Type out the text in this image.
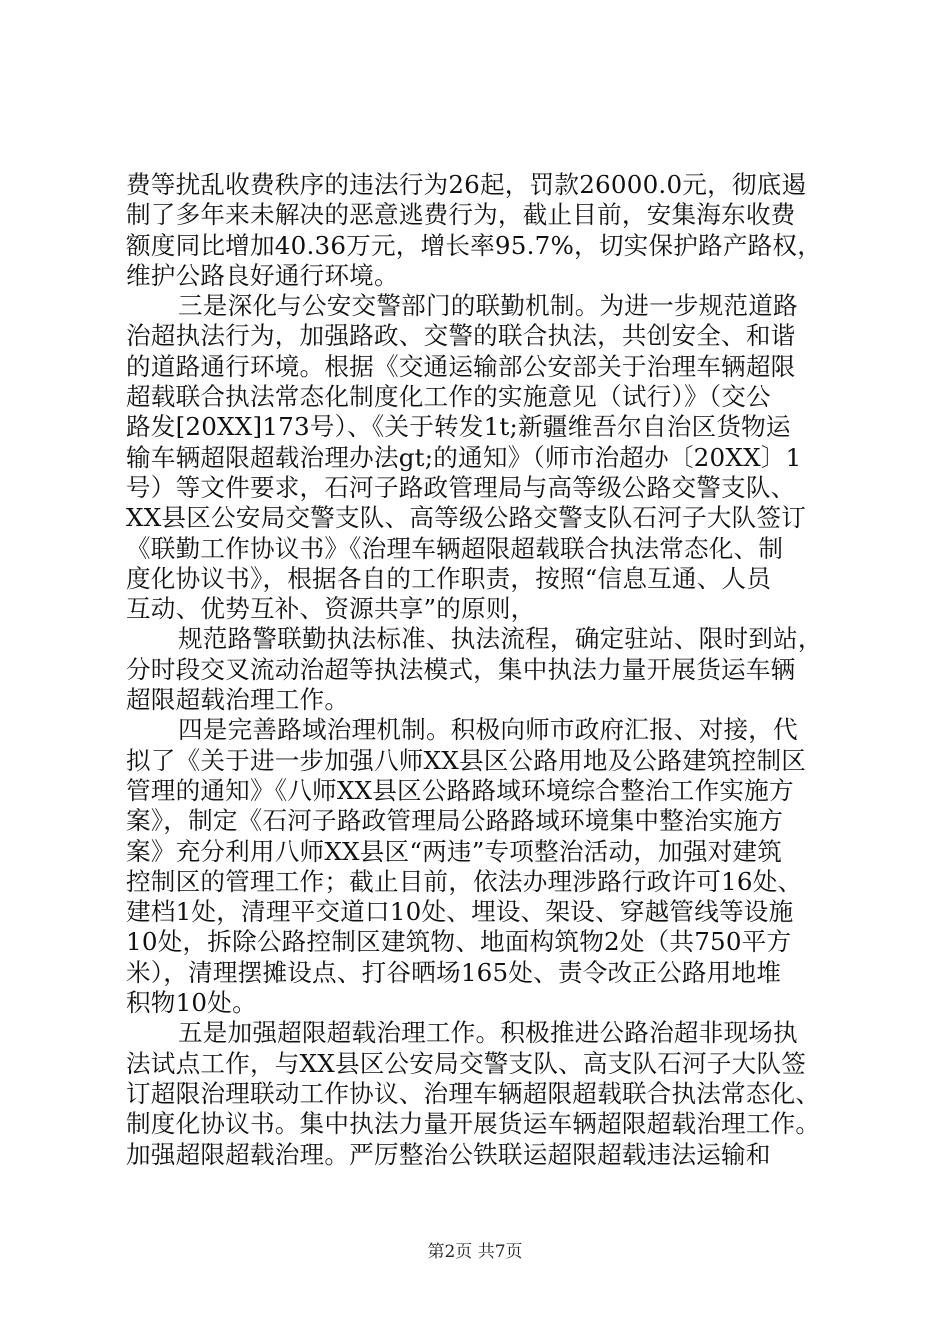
费等扰乱收费秩序的违法行为26起，罚款26000.0元，彻底遏
制了多年来未解决的恶意逃费行为，截止目前，安集海东收费
额度同比增加40.36万元，增长率95.7%，切实保护路产路权，
维护公路良好通行环境。
三是深化与公安交警部门的联勤机制。为进一步规范道路
治超执法行为，加强路政、交警的联合执法，共创安全、和谐
的道路通行环境。根据《交通运输部公安部关于治理车辆超限
超载联合执法常态化制度化工作的实施意见（试行）》（交公
路发[20XX]173号）、《关于转发1t;新疆维吾尔自治区货物运
输车辆超限超载治理办法gt;的通知》（师市治超办〔20XX〕1
号）等文件要求，石河子路政管理局与高等级公路交警支队、
XX县区公安局交警支队、高等级公路交警支队石河子大队签订
《联勤工作协议书》《治理车辆超限超载联合执法常态化、制
度化协议书》，根据各自的工作职责，按照“信息互通、人员
互动、优势互补、资源共享”的原则，
规范路警联勤执法标准、执法流程，确定驻站、限时到站，
分时段交叉流动治超等执法模式，集中执法力量开展货运车辆
超限超载治理工作。
四是完善路域治理机制。积极向师市政府汇报、对接，代
拟了《关于进一步加强八师XX县区公路用地及公路建筑控制区
管理的通知》《八师XX县区公路路域环境综合整治工作实施方
案》，制定《石河子路政管理局公路路域环境集中整治实施方
案》充分利用八师XX县区“两违”专项整治活动，加强对建筑
控制区的管理工作；截止目前，依法办理涉路行政许可16处、
建档1处，清理平交道口10处、埋设、架设、穿越管线等设施
10处，拆除公路控制区建筑物、地面构筑物2处（共750平方
米），清理摆摊设点、打谷晒场165处、责令改正公路用地堆
积物10处。
五是加强超限超载治理工作。积极推进公路治超非现场执
法试点工作，与XX县区公安局交警支队、高支队石河子大队签
订超限治理联动工作协议、治理车辆超限超载联合执法常态化、
制度化协议书。集中执法力量开展货运车辆超限超载治理工作。
加强超限超载治理。严厉整治公铁联运超限超载违法运输和
第2页 共7页
